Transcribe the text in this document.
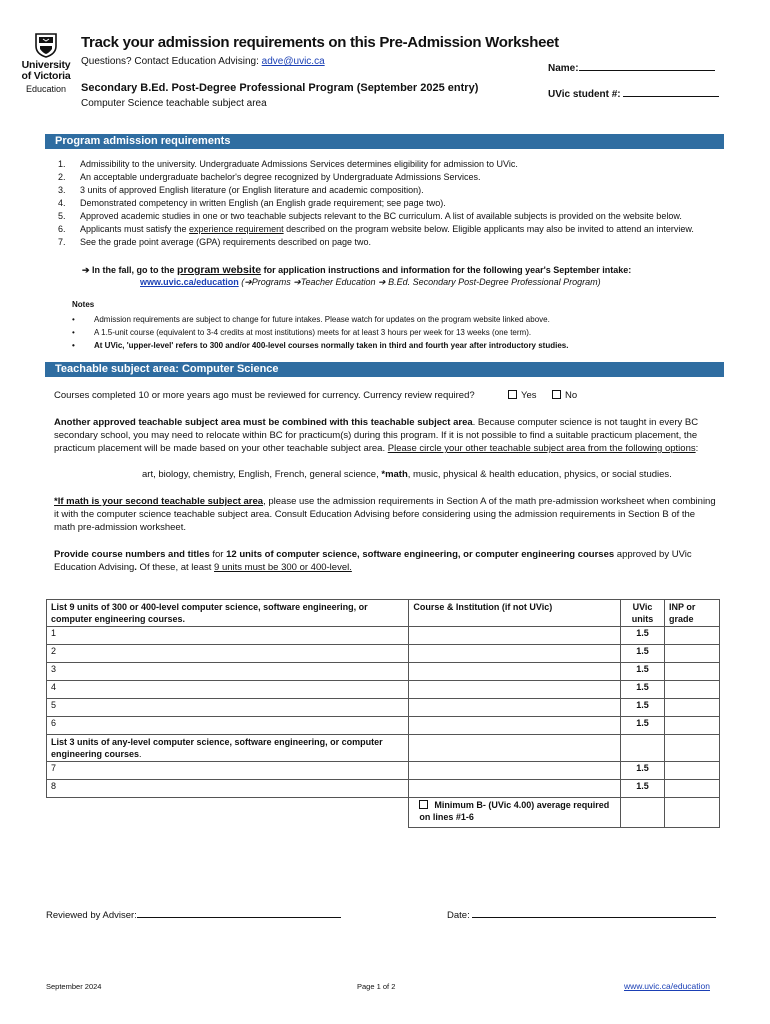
University
of Victoria
Education
Track your admission requirements on this Pre-Admission Worksheet
Questions? Contact Education Advising: adve@uvic.ca
Secondary B.Ed. Post-Degree Professional Program (September 2025 entry)
Computer Science teachable subject area
Name:
UVic student #:
Program admission requirements
1. Admissibility to the university. Undergraduate Admissions Services determines eligibility for admission to UVic.
2. An acceptable undergraduate bachelor's degree recognized by Undergraduate Admissions Services.
3. 3 units of approved English literature (or English literature and academic composition).
4. Demonstrated competency in written English (an English grade requirement; see page two).
5. Approved academic studies in one or two teachable subjects relevant to the BC curriculum. A list of available subjects is provided on the website below.
6. Applicants must satisfy the experience requirement described on the program website below. Eligible applicants may also be invited to attend an interview.
7. See the grade point average (GPA) requirements described on page two.
➔ In the fall, go to the program website for application instructions and information for the following year's September intake:
www.uvic.ca/education (➔Programs ➔Teacher Education ➔ B.Ed. Secondary Post-Degree Professional Program)
Notes
• Admission requirements are subject to change for future intakes. Please watch for updates on the program website linked above.
• A 1.5-unit course (equivalent to 3-4 credits at most institutions) meets for at least 3 hours per week for 13 weeks (one term).
• At UVic, 'upper-level' refers to 300 and/or 400-level courses normally taken in third and fourth year after introductory studies.
Teachable subject area: Computer Science
Courses completed 10 or more years ago must be reviewed for currency. Currency review required?	Yes	No
Another approved teachable subject area must be combined with this teachable subject area. Because computer science is not taught in every BC secondary school, you may need to relocate within BC for practicum(s) during this program. If it is not possible to find a suitable practicum placement, the practicum placement will be made based on your other teachable subject area. Please circle your other teachable subject area from the following options:
art, biology, chemistry, English, French, general science, *math, music, physical & health education, physics, or social studies.
*If math is your second teachable subject area, please use the admission requirements in Section A of the math pre-admission worksheet when combining it with the computer science teachable subject area. Consult Education Advising before considering using the admission requirements in Section B of the math pre-admission worksheet.
Provide course numbers and titles for 12 units of computer science, software engineering, or computer engineering courses approved by UVic Education Advising. Of these, at least 9 units must be 300 or 400-level.
List 9 units of 300 or 400-level computer science, software engineering, or computer engineering courses.	Course & Institution (if not UVic)	UVic units	INP or grade
1		1.5	
2		1.5	
3		1.5	
4		1.5	
5		1.5	
6		1.5	
List 3 units of any-level computer science, software engineering, or computer engineering courses.			
7		1.5	
8		1.5	
	Minimum B- (UVic 4.00) average required on lines #1-6		
Reviewed by Adviser:	Date:
September 2024	Page 1 of 2	www.uvic.ca/education
